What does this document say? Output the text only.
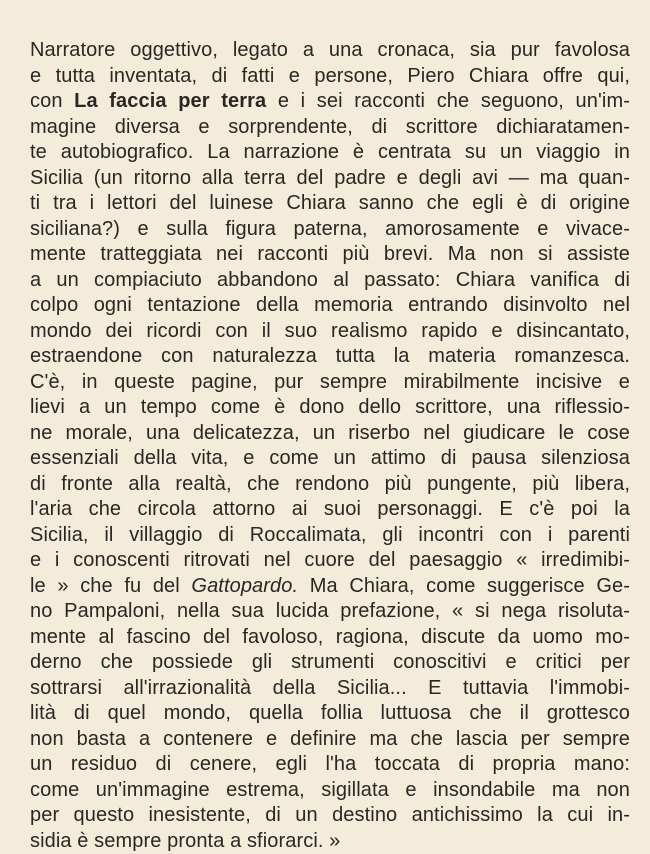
Narratore oggettivo, legato a una cronaca, sia pur favolosa
e tutta inventata, di fatti e persone, Piero Chiara offre qui,
con La faccia per terra e i sei racconti che seguono, un'im-
magine diversa e sorprendente, di scrittore dichiaratamen-
te autobiografico. La narrazione è centrata su un viaggio in
Sicilia (un ritorno alla terra del padre e degli avi — ma quan-
ti tra i lettori del luinese Chiara sanno che egli è di origine
siciliana?) e sulla figura paterna, amorosamente e vivace-
mente tratteggiata nei racconti più brevi. Ma non si assiste
a un compiaciuto abbandono al passato: Chiara vanifica di
colpo ogni tentazione della memoria entrando disinvolto nel
mondo dei ricordi con il suo realismo rapido e disincantato,
estraendone con naturalezza tutta la materia romanzesca.
C'è, in queste pagine, pur sempre mirabilmente incisive e
lievi a un tempo come è dono dello scrittore, una riflessio-
ne morale, una delicatezza, un riserbo nel giudicare le cose
essenziali della vita, e come un attimo di pausa silenziosa
di fronte alla realtà, che rendono più pungente, più libera,
l'aria che circola attorno ai suoi personaggi. E c'è poi la
Sicilia, il villaggio di Roccalimata, gli incontri con i parenti
e i conoscenti ritrovati nel cuore del paesaggio « irredimibi-
le » che fu del Gattopardo. Ma Chiara, come suggerisce Ge-
no Pampaloni, nella sua lucida prefazione, « si nega risoluta-
mente al fascino del favoloso, ragiona, discute da uomo mo-
derno che possiede gli strumenti conoscitivi e critici per
sottrarsi all'irrazionalità della Sicilia... E tuttavia l'immobi-
lità di quel mondo, quella follia luttuosa che il grottesco
non basta a contenere e definire ma che lascia per sempre
un residuo di cenere, egli l'ha toccata di propria mano:
come un'immagine estrema, sigillata e insondabile ma non
per questo inesistente, di un destino antichissimo la cui in-
sidia è sempre pronta a sfiorarci. »
